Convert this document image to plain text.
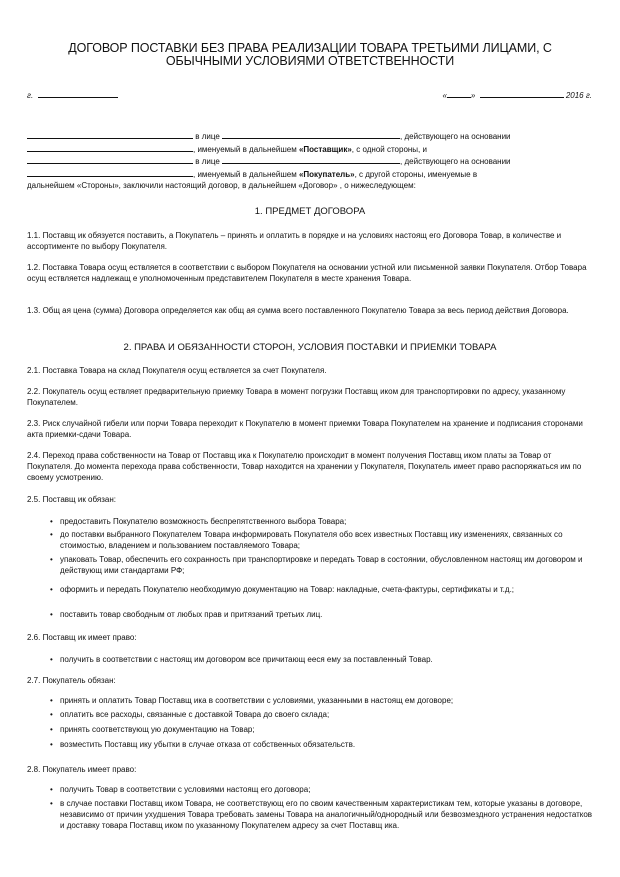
ДОГОВОР ПОСТАВКИ БЕЗ ПРАВА РЕАЛИЗАЦИИ ТОВАРА ТРЕТЬИМИ ЛИЦАМИ, С
ОБЫЧНЫМИ УСЛОВИЯМИ ОТВЕТСТВЕННОСТИ
г.	«	»	2016 г.
в лице	, действующего на основании
, именуемый в дальнейшем «Поставщик», с одной стороны, и
в лице	, действующего на основании
, именуемый в дальнейшем «Покупатель», с другой стороны, именуемые в
дальнейшем «Стороны», заключили настоящий договор, в дальнейшем «Договор» , о нижеследующем:
1. ПРЕДМЕТ ДОГОВОРА
1.1. Поставщ ик обязуется поставить, а Покупатель – принять и оплатить в порядке и на условиях настоящ его Договора Товар, в количестве и ассортименте по выбору Покупателя.
1.2. Поставка Товара осущ ествляется в соответствии с выбором Покупателя на основании устной или письменной заявки Покупателя. Отбор Товара осущ ествляется надлежащ е уполномоченным представителем Покупателя в месте хранения Товара.
1.3. Общ ая цена (сумма) Договора определяется как общ ая сумма всего поставленного Покупателю Товара за весь период действия Договора.
2. ПРАВА И ОБЯЗАННОСТИ СТОРОН, УСЛОВИЯ ПОСТАВКИ И ПРИЕМКИ ТОВАРА
2.1. Поставка Товара на склад Покупателя осущ ествляется за счет Покупателя.
2.2. Покупатель осущ ествляет предварительную приемку Товара в момент погрузки Поставщ иком для транспортировки по адресу, указанному Покупателем.
2.3. Риск случайной гибели или порчи Товара переходит к Покупателю в момент приемки Товара Покупателем на хранение и подписания сторонами акта приемки-сдачи Товара.
2.4. Переход права собственности на Товар от Поставщ ика к Покупателю происходит в момент получения Поставщ иком платы за Товар от Покупателя. До момента перехода права собственности, Товар находится на хранении у Покупателя, Покупатель имеет право распоряжаться им по своему усмотрению.
2.5. Поставщ ик обязан:
• предоставить Покупателю возможность беспрепятственного выбора Товара;
• до поставки выбранного Покупателем Товара информировать Покупателя обо всех известных Поставщ ику изменениях, связанных со стоимостью, владением и пользованием поставляемого Товара;
• упаковать Товар, обеспечить его сохранность при транспортировке и передать Товар в состоянии, обусловленном настоящ им договором и действующ ими стандартами РФ;
• оформить и передать Покупателю необходимую документацию на Товар: накладные, счета-фактуры, сертификаты и т.д.;
• поставить товар свободным от любых прав и притязаний третьих лиц.
2.6. Поставщ ик имеет право:
• получить в соответствии с настоящ им договором все причитающ ееся ему за поставленный Товар.
2.7. Покупатель обязан:
• принять и оплатить Товар Поставщ ика в соответствии с условиями, указанными в настоящ ем договоре;
• оплатить все расходы, связанные с доставкой Товара до своего склада;
• принять соответствующ ую документацию на Товар;
• возместить Поставщ ику убытки в случае отказа от собственных обязательств.
2.8. Покупатель имеет право:
• получить Товар в соответствии с условиями настоящ его договора;
• в случае поставки Поставщ иком Товара, не соответствующ его по своим качественным характеристикам тем, которые указаны в договоре, независимо от причин ухудшения Товара требовать замены Товара на аналогичный/однородный или безвозмездного устранения недостатков и доставку товара Поставщ иком по указанному Покупателем адресу за счет Поставщ ика.
